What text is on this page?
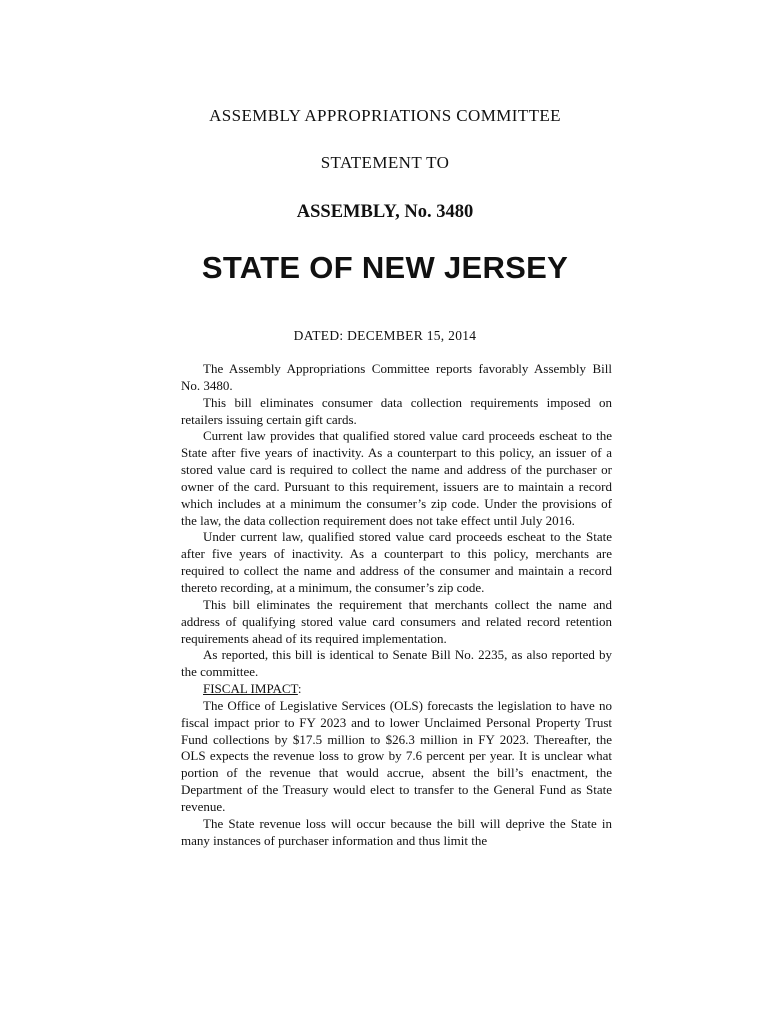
ASSEMBLY APPROPRIATIONS COMMITTEE
STATEMENT TO
ASSEMBLY, No. 3480
STATE OF NEW JERSEY
DATED: DECEMBER 15, 2014

The Assembly Appropriations Committee reports favorably Assembly Bill No. 3480.

This bill eliminates consumer data collection requirements imposed on retailers issuing certain gift cards.

Current law provides that qualified stored value card proceeds escheat to the State after five years of inactivity. As a counterpart to this policy, an issuer of a stored value card is required to collect the name and address of the purchaser or owner of the card. Pursuant to this requirement, issuers are to maintain a record which includes at a minimum the consumer’s zip code. Under the provisions of the law, the data collection requirement does not take effect until July 2016.

Under current law, qualified stored value card proceeds escheat to the State after five years of inactivity. As a counterpart to this policy, merchants are required to collect the name and address of the consumer and maintain a record thereto recording, at a minimum, the consumer’s zip code.

This bill eliminates the requirement that merchants collect the name and address of qualifying stored value card consumers and related record retention requirements ahead of its required implementation.

As reported, this bill is identical to Senate Bill No. 2235, as also reported by the committee.

FISCAL IMPACT:

The Office of Legislative Services (OLS) forecasts the legislation to have no fiscal impact prior to FY 2023 and to lower Unclaimed Personal Property Trust Fund collections by $17.5 million to $26.3 million in FY 2023. Thereafter, the OLS expects the revenue loss to grow by 7.6 percent per year. It is unclear what portion of the revenue that would accrue, absent the bill’s enactment, the Department of the Treasury would elect to transfer to the General Fund as State revenue.

The State revenue loss will occur because the bill will deprive the State in many instances of purchaser information and thus limit the
